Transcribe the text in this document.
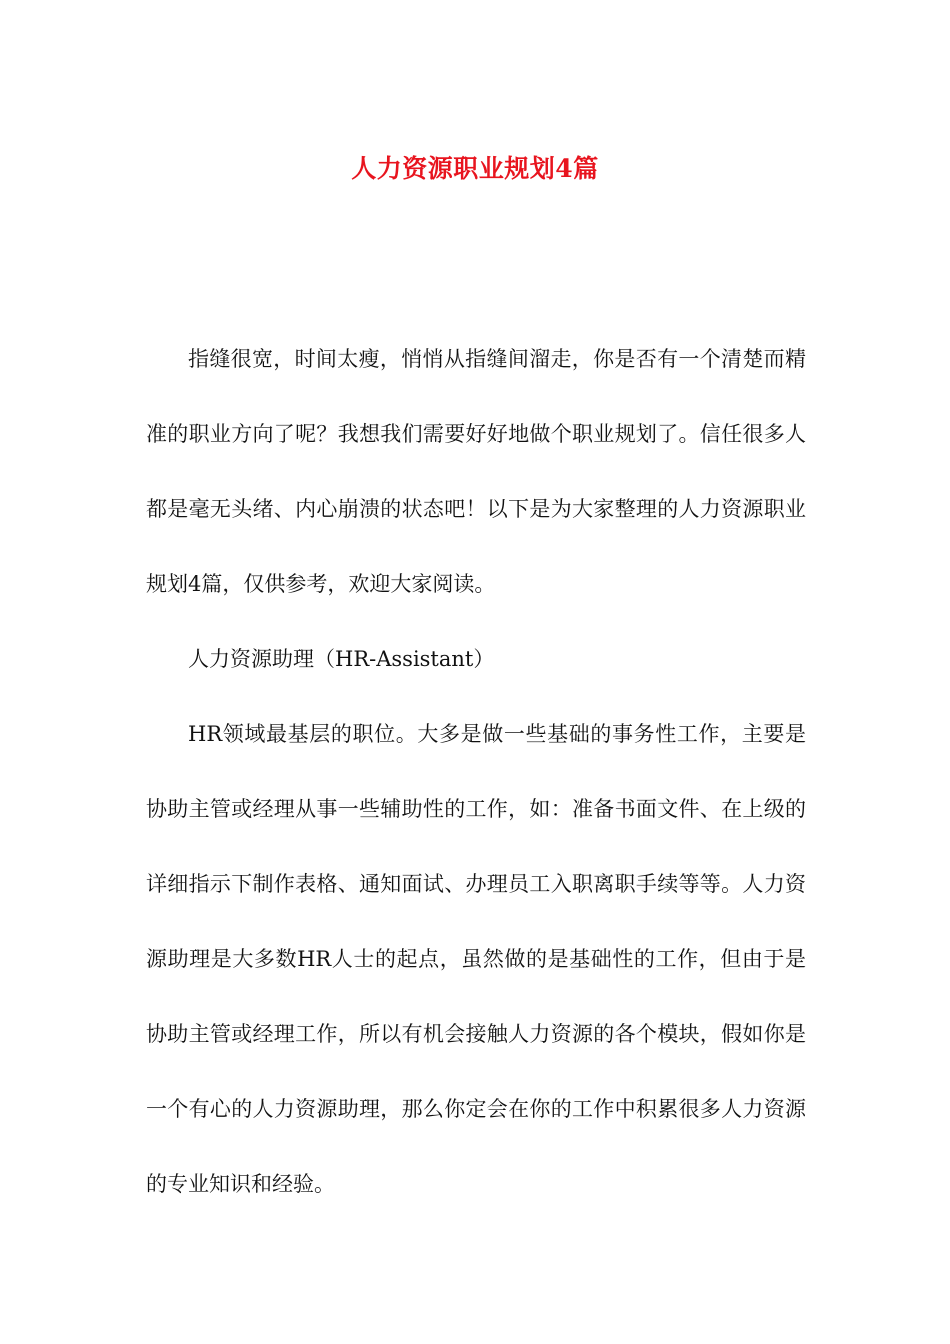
人力资源职业规划4篇

指缝很宽，时间太瘦，悄悄从指缝间溜走，你是否有一个清楚而精准的职业方向了呢？我想我们需要好好地做个职业规划了。信任很多人都是毫无头绪、内心崩溃的状态吧！以下是为大家整理的人力资源职业规划4篇，仅供参考，欢迎大家阅读。

人力资源助理（HR-Assistant）

HR领域最基层的职位。大多是做一些基础的事务性工作，主要是协助主管或经理从事一些辅助性的工作，如：准备书面文件、在上级的详细指示下制作表格、通知面试、办理员工入职离职手续等等。人力资源助理是大多数HR人士的起点，虽然做的是基础性的工作，但由于是协助主管或经理工作，所以有机会接触人力资源的各个模块，假如你是一个有心的人力资源助理，那么你定会在你的工作中积累很多人力资源的专业知识和经验。
